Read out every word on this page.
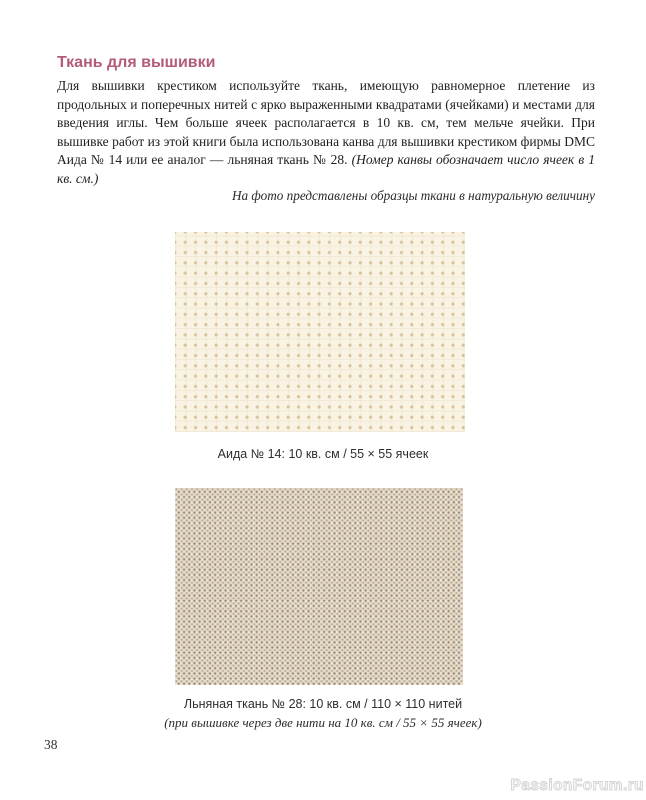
Ткань для вышивки
Для вышивки крестиком используйте ткань, имеющую равномерное плетение из продольных и поперечных нитей с ярко выраженными квадратами (ячейками) и местами для введения иглы. Чем больше ячеек располагается в 10 кв. см, тем мельче ячейки. При вышивке работ из этой книги была использована канва для вышивки крестиком фирмы DMC Аида № 14 или ее аналог — льняная ткань № 28. (Номер канвы обозначает число ячеек в 1 кв. см.)
На фото представлены образцы ткани в натуральную величину
Аида № 14: 10 кв. см / 55 × 55 ячеек
Льняная ткань № 28: 10 кв. см / 110 × 110 нитей
(при вышивке через две нити на 10 кв. см / 55 × 55 ячеек)
38
PassionForum.ru
